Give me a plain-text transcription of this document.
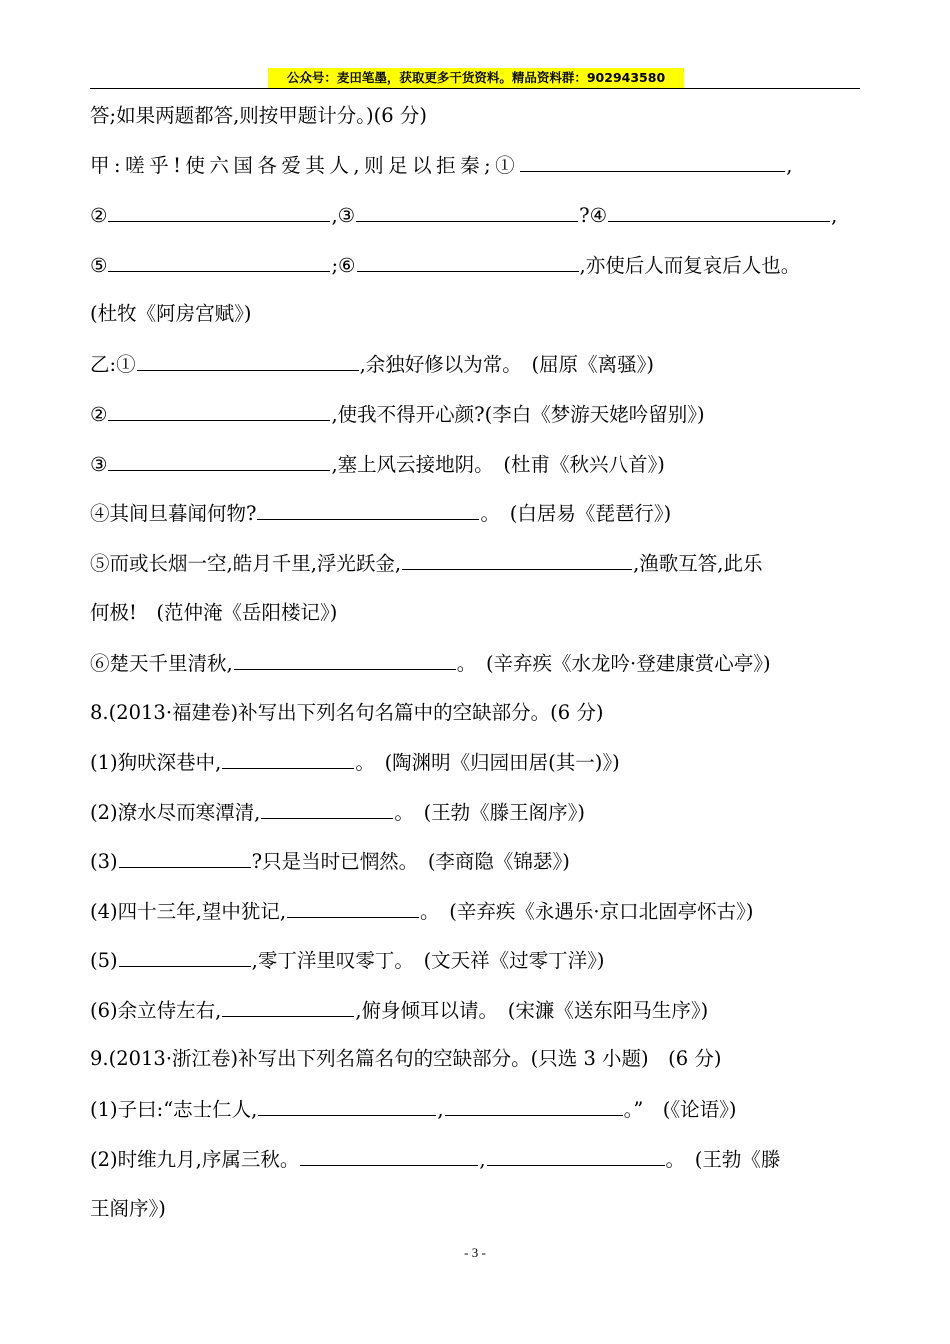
公众号：麦田笔墨，获取更多干货资料。精品资料群：902943580
答;如果两题都答,则按甲题计分。)(6 分)
甲:嗟乎!使六国各爱其人,则足以拒秦;①	,
②	,③	?④	,
⑤	;⑥	,亦使后人而复哀后人也。
(杜牧《阿房宫赋》)
乙:①	,余独好修以为常。　(屈原《离骚》)
②	,使我不得开心颜?(李白《梦游天姥吟留别》)
③	,塞上风云接地阴。　(杜甫《秋兴八首》)
④其间旦暮闻何物?	。　(白居易《琵琶行》)
⑤而或长烟一空,皓月千里,浮光跃金,	,渔歌互答,此乐
何极!　(范仲淹《岳阳楼记》)
⑥楚天千里清秋,	。　(辛弃疾《水龙吟·登建康赏心亭》)
8.(2013·福建卷)补写出下列名句名篇中的空缺部分。(6 分)
(1)狗吠深巷中,	。　(陶渊明《归园田居(其一)》)
(2)潦水尽而寒潭清,	。　(王勃《滕王阁序》)
(3)	?只是当时已惘然。　(李商隐《锦瑟》)
(4)四十三年,望中犹记,	。　(辛弃疾《永遇乐·京口北固亭怀古》)
(5)	,零丁洋里叹零丁。　(文天祥《过零丁洋》)
(6)余立侍左右,	,俯身倾耳以请。　(宋濂《送东阳马生序》)
9.(2013·浙江卷)补写出下列名篇名句的空缺部分。(只选 3 小题)　(6 分)
(1)子曰:“志士仁人,	,	。”　(《论语》)
(2)时维九月,序属三秋。	,	。　(王勃《滕
王阁序》)
- 3 -
